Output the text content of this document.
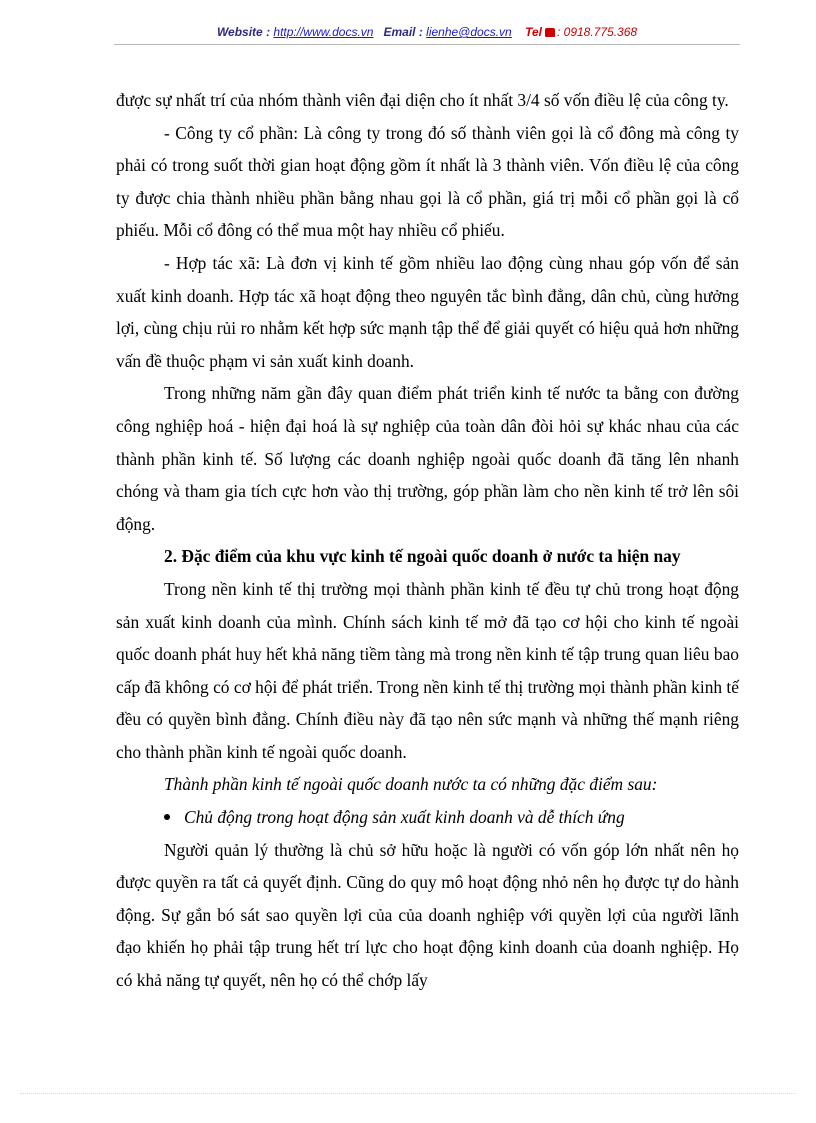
Website : http://www.docs.vn Email : lienhe@docs.vn Tel : 0918.775.368

được sự nhất trí của nhóm thành viên đại diện cho ít nhất 3/4 số vốn điều lệ của công ty.

- Công ty cổ phần: Là công ty trong đó số thành viên gọi là cổ đông mà công ty phải có trong suốt thời gian hoạt động gồm ít nhất là 3 thành viên. Vốn điều lệ của công ty được chia thành nhiều phần bằng nhau gọi là cổ phần, giá trị mỗi cổ phần gọi là cổ phiếu. Mỗi cổ đông có thể mua một hay nhiều cổ phiếu.

- Hợp tác xã: Là đơn vị kinh tế gồm nhiều lao động cùng nhau góp vốn để sản xuất kinh doanh. Hợp tác xã hoạt động theo nguyên tắc bình đẳng, dân chủ, cùng hưởng lợi, cùng chịu rủi ro nhằm kết hợp sức mạnh tập thể để giải quyết có hiệu quả hơn những vấn đề thuộc phạm vi sản xuất kinh doanh.

Trong những năm gần đây quan điểm phát triển kinh tế nước ta bằng con đường công nghiệp hoá - hiện đại hoá là sự nghiệp của toàn dân đòi hỏi sự khác nhau của các thành phần kinh tế. Số lượng các doanh nghiệp ngoài quốc doanh đã tăng lên nhanh chóng và tham gia tích cực hơn vào thị trường, góp phần làm cho nền kinh tế trở lên sôi động.

2. Đặc điểm của khu vực kinh tế ngoài quốc doanh ở nước ta hiện nay

Trong nền kinh tế thị trường mọi thành phần kinh tế đều tự chủ trong hoạt động sản xuất kinh doanh của mình. Chính sách kinh tế mở đã tạo cơ hội cho kinh tế ngoài quốc doanh phát huy hết khả năng tiềm tàng mà trong nền kinh tế tập trung quan liêu bao cấp đã không có cơ hội để phát triển. Trong nền kinh tế thị trường mọi thành phần kinh tế đều có quyền bình đẳng. Chính điều này đã tạo nên sức mạnh và những thế mạnh riêng cho thành phần kinh tế ngoài quốc doanh.

Thành phần kinh tế ngoài quốc doanh nước ta có những đặc điểm sau:

Chủ động trong hoạt động sản xuất kinh doanh và dễ thích ứng

Người quản lý thường là chủ sở hữu hoặc là người có vốn góp lớn nhất nên họ được quyền ra tất cả quyết định. Cũng do quy mô hoạt động nhỏ nên họ được tự do hành động. Sự gắn bó sát sao quyền lợi của của doanh nghiệp với quyền lợi của người lãnh đạo khiến họ phải tập trung hết trí lực cho hoạt động kinh doanh của doanh nghiệp. Họ có khả năng tự quyết, nên họ có thể chớp lấy
